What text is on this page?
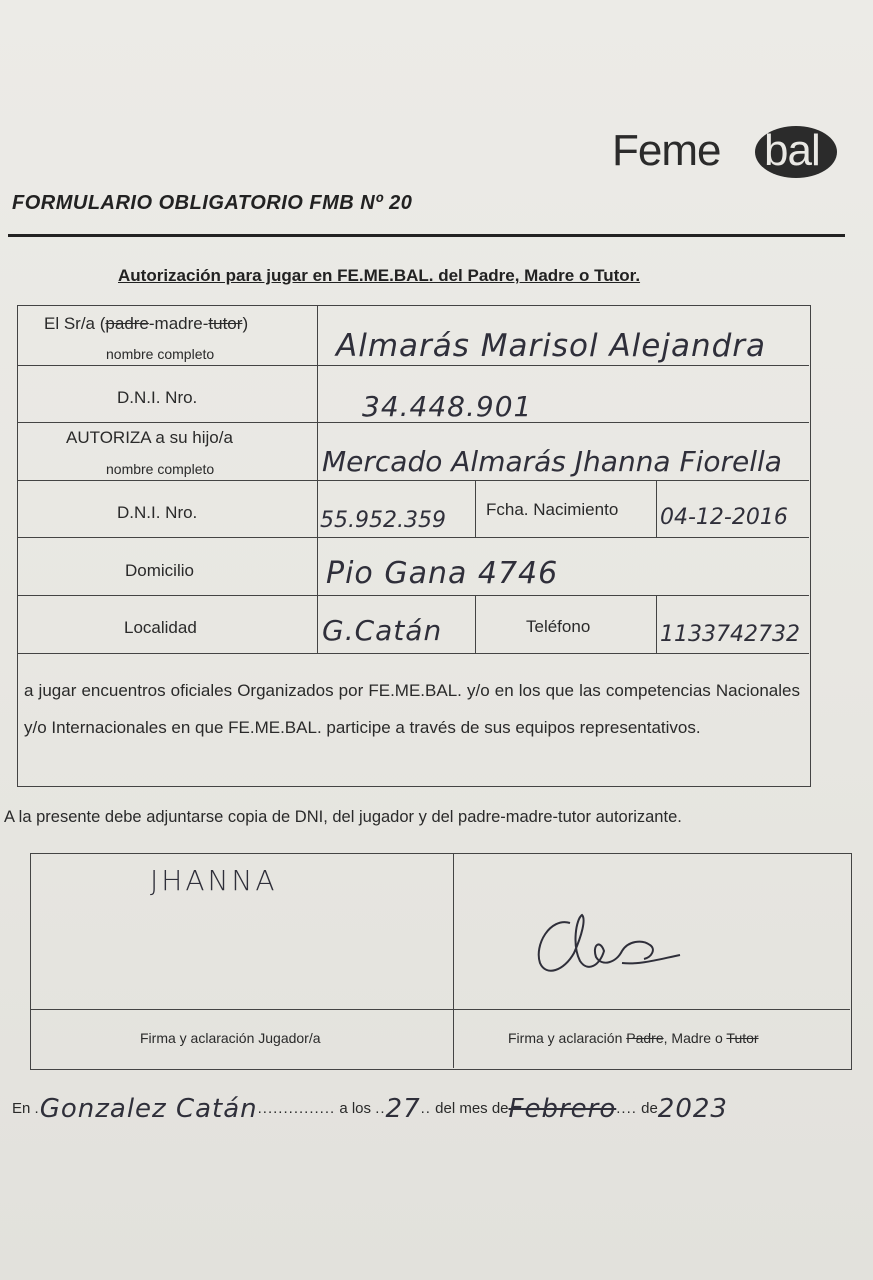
Feme bal
FORMULARIO OBLIGATORIO FMB Nº 20
Autorización para jugar en FE.ME.BAL. del Padre, Madre o Tutor.
El Sr/a (padre-madre-tutor)
nombre completo	Almarás Marisol Alejandra
D.N.I. Nro.	34.448.901
AUTORIZA a su hijo/a
nombre completo	Mercado Almarás Jhanna Fiorella
D.N.I. Nro.	55.952.359 Fcha. Nacimiento 04-12-2016
Domicilio	Pio Gana 4746
Localidad	G.Catán	Teléfono	1133742732
a jugar encuentros oficiales Organizados por FE.ME.BAL. y/o en los que las competencias Nacionales y/o Internacionales en que FE.ME.BAL. participe a través de sus equipos representativos.
A la presente debe adjuntarse copia de DNI, del jugador y del padre-madre-tutor autorizante.
JHANNA
Firma y aclaración Jugador/a	Firma y aclaración Padre, Madre o Tutor
En .Gonzalez Catán............... a los ..27.. del mes deFebrero.... de2023
